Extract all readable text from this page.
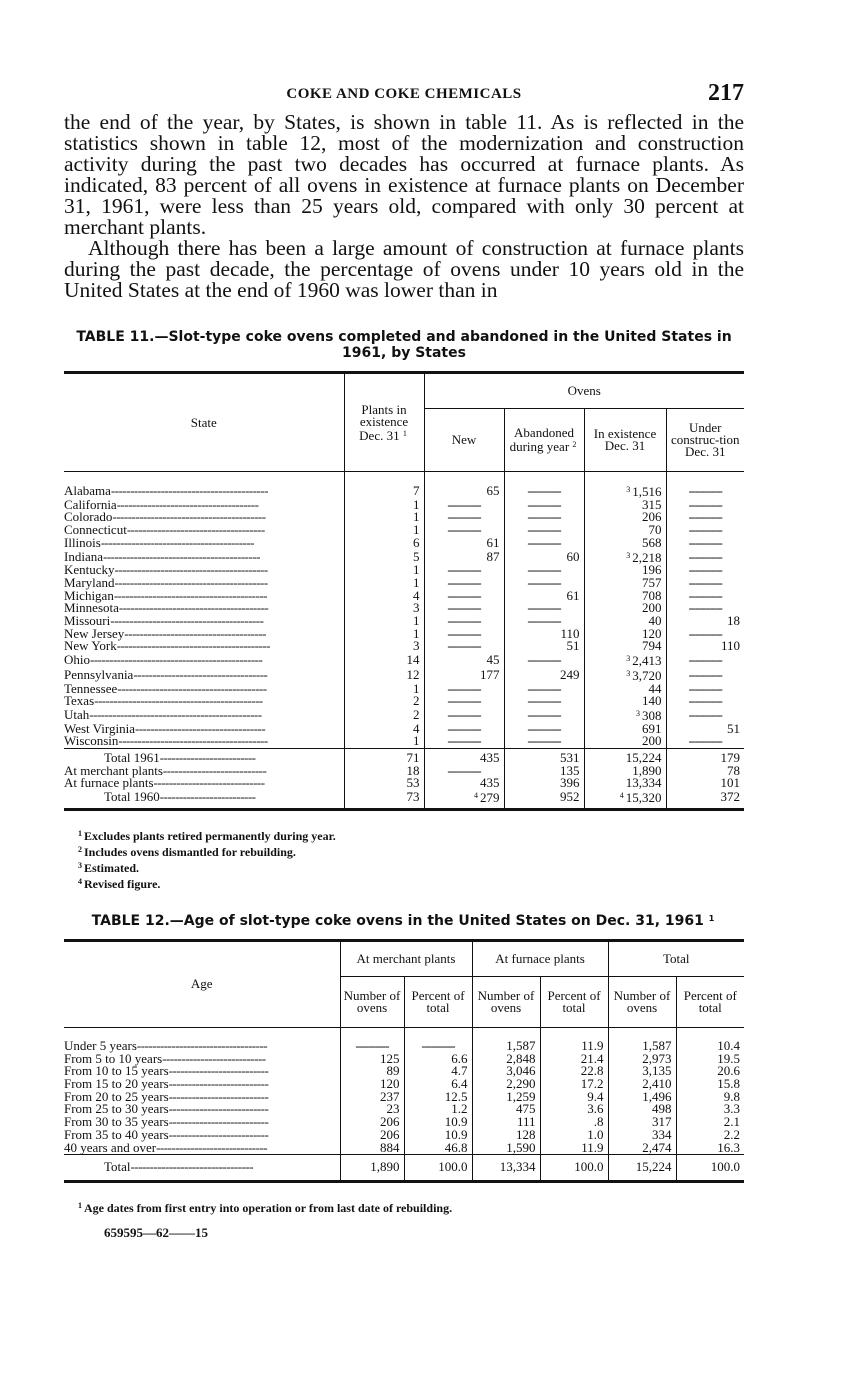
COKE AND COKE CHEMICALS	217

the end of the year, by States, is shown in table 11. As is reflected in the statistics shown in table 12, most of the modernization and construction activity during the past two decades has occurred at furnace plants. As indicated, 83 percent of all ovens in existence at furnace plants on December 31, 1961, were less than 25 years old, compared with only 30 percent at merchant plants.

Although there has been a large amount of construction at furnace plants during the past decade, the percentage of ovens under 10 years old in the United States at the end of 1960 was lower than in

TABLE 11.—Slot-type coke ovens completed and abandoned in the United States in 1961, by States
State	Plants in existence Dec. 31 $^1$	Ovens			
		New	Abandoned during year $^2$	In existence Dec. 31	Under construc-tion Dec. 31

Alabama-----------------------------------------	7	65	----------	$^3$ 1,516	----------
California-------------------------------------	1	----------	----------	315	----------
Colorado----------------------------------------	1	----------	----------	206	----------
Connecticut------------------------------------	1	----------	----------	70	----------
Illinois----------------------------------------	6	61	----------	568	----------
Indiana-----------------------------------------	5	87	60	$^3$ 2,218	----------
Kentucky----------------------------------------	1	----------	----------	196	----------
Maryland----------------------------------------	1	----------	----------	757	----------
Michigan----------------------------------------	4	----------	61	708	----------
Minnesota---------------------------------------	3	----------	----------	200	----------
Missouri----------------------------------------	1	----------	----------	40	18
New Jersey-------------------------------------	1	----------	110	120	----------
New York----------------------------------------	3	----------	51	794	110
Ohio---------------------------------------------	14	45	----------	$^3$ 2,413	----------
Pennsylvania-----------------------------------	12	177	249	$^3$ 3,720	----------
Tennessee---------------------------------------	1	----------	----------	44	----------
Texas--------------------------------------------	2	----------	----------	140	----------
Utah---------------------------------------------	2	----------	----------	$^3$ 308	----------
West Virginia----------------------------------	4	----------	----------	691	51
Wisconsin---------------------------------------	1	----------	----------	200	----------
Total 1961-------------------------	71	435	531	15,224	179
At merchant plants---------------------------	18	----------	135	1,890	78
At furnace plants-----------------------------	53	435	396	13,334	101
Total 1960-------------------------	73	$^4$ 279	952	$^4$ 15,320	372
$^1$ Excludes plants retired permanently during year.
$^2$ Includes ovens dismantled for rebuilding.
$^3$ Estimated.
$^4$ Revised figure.
TABLE 12.—Age of slot-type coke ovens in the United States on Dec. 31, 1961 $^1$
Age	At merchant plants		At furnace plants		Total	
	Number of ovens	Percent of total	Number of ovens	Percent of total	Number of ovens	Percent of total

Under 5 years----------------------------------	----------	----------	1,587	11.9	1,587	10.4
From 5 to 10 years---------------------------	125	6.6	2,848	21.4	2,973	19.5
From 10 to 15 years--------------------------	89	4.7	3,046	22.8	3,135	20.6
From 15 to 20 years--------------------------	120	6.4	2,290	17.2	2,410	15.8
From 20 to 25 years--------------------------	237	12.5	1,259	9.4	1,496	9.8
From 25 to 30 years--------------------------	23	1.2	475	3.6	498	3.3
From 30 to 35 years--------------------------	206	10.9	111	.8	317	2.1
From 35 to 40 years--------------------------	206	10.9	128	1.0	334	2.2
40 years and over-----------------------------	884	46.8	1,590	11.9	2,474	16.3
Total--------------------------------	1,890	100.0	13,334	100.0	15,224	100.0
$^1$ Age dates from first entry into operation or from last date of rebuilding.
659595—62——15
